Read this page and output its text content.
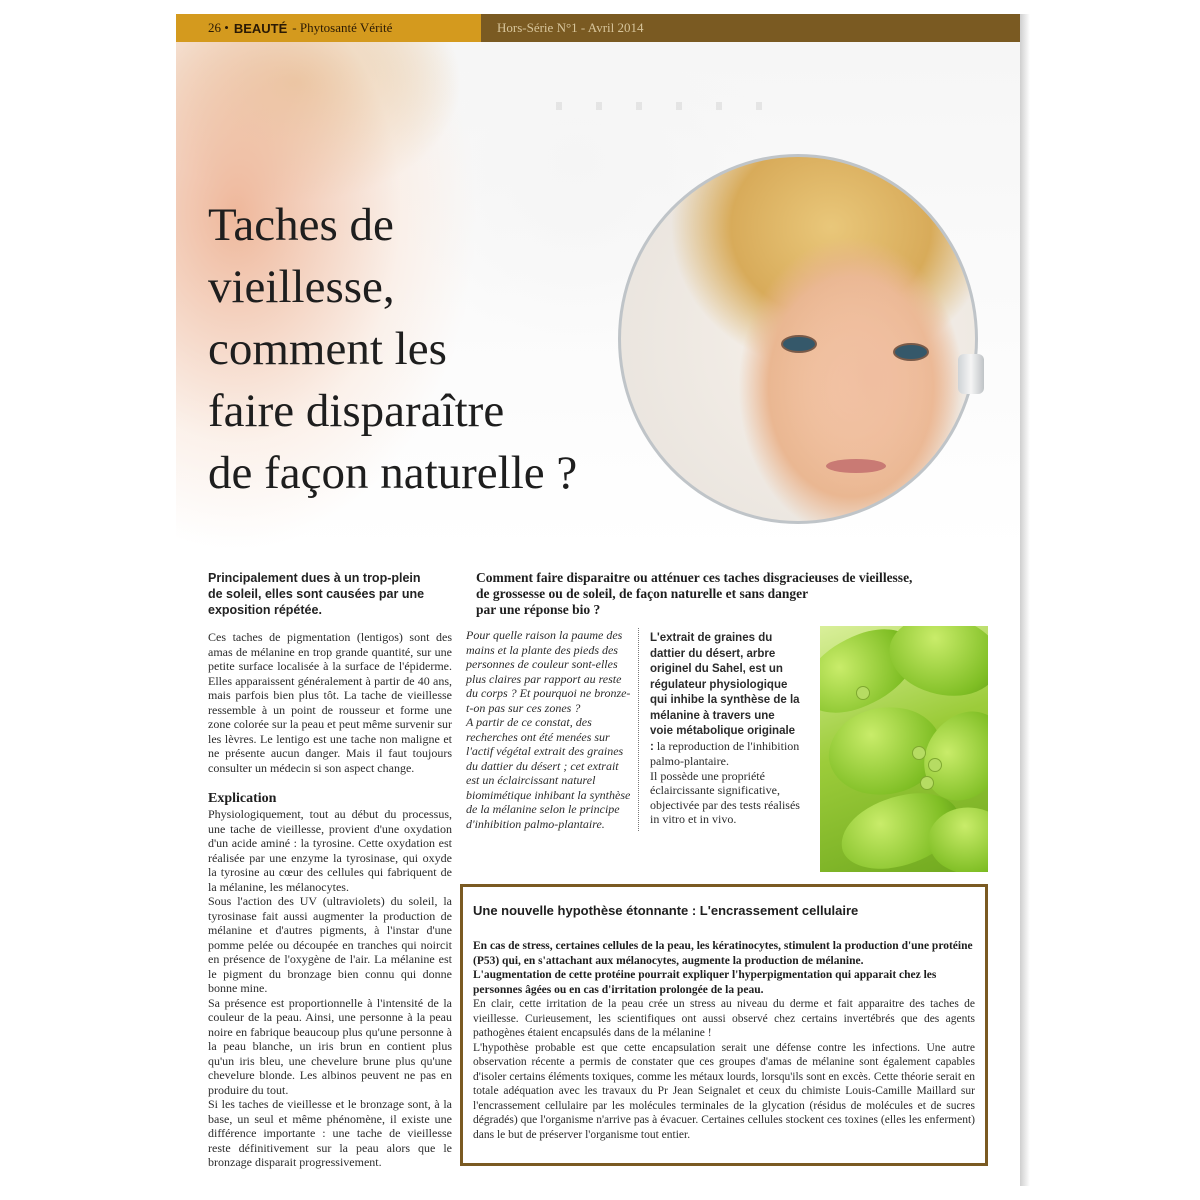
26
• BEAUTÉ - Phytosanté Vérité	Hors-Série N°1 - Avril 2014
Taches de
vieillesse,
comment les
faire disparaître
de façon naturelle ?

Principalement dues à un trop-plein de soleil, elles sont causées par une exposition répétée.

Ces taches de pigmentation (lentigos) sont des amas de mélanine en trop grande quantité, sur une petite surface localisée à la surface de l'épiderme. Elles apparaissent généralement à partir de 40 ans, mais parfois bien plus tôt. La tache de vieillesse ressemble à un point de rousseur et forme une zone colorée sur la peau et peut même survenir sur les lèvres. Le lentigo est une tache non maligne et ne présente aucun danger. Mais il faut toujours consulter un médecin si son aspect change.

Explication

Physiologiquement, tout au début du processus, une tache de vieillesse, provient d'une oxydation d'un acide aminé : la tyrosine. Cette oxydation est réalisée par une enzyme la tyrosinase, qui oxyde la tyrosine au cœur des cellules qui fabriquent de la mélanine, les mélanocytes.

Sous l'action des UV (ultraviolets) du soleil, la tyrosinase fait aussi augmenter la production de mélanine et d'autres pigments, à l'instar d'une pomme pelée ou découpée en tranches qui noircit en présence de l'oxygène de l'air. La mélanine est le pigment du bronzage bien connu qui donne bonne mine.

Sa présence est proportionnelle à l'intensité de la couleur de la peau. Ainsi, une personne à la peau noire en fabrique beaucoup plus qu'une personne à la peau blanche, un iris brun en contient plus qu'un iris bleu, une chevelure brune plus qu'une chevelure blonde. Les albinos peuvent ne pas en produire du tout.

Si les taches de vieillesse et le bronzage sont, à la base, un seul et même phénomène, il existe une différence importante : une tache de vieillesse reste définitivement sur la peau alors que le bronzage disparait progressivement.

Comment faire disparaitre ou atténuer ces taches disgracieuses de vieillesse,
de grossesse ou de soleil, de façon naturelle et sans danger
par une réponse bio ?

Pour quelle raison la paume des mains et la plante des pieds des personnes de couleur sont-elles plus claires par rapport au reste du corps ? Et pourquoi ne bronze-t-on pas sur ces zones ?

A partir de ce constat, des recherches ont été menées sur l'actif végétal extrait des graines du dattier du désert ; cet extrait est un éclaircissant naturel biomimétique inhibant la synthèse de la mélanine selon le principe d'inhibition palmo-plantaire.

L'extrait de graines du dattier du désert, arbre originel du Sahel, est un régulateur physiologique qui inhibe la synthèse de la mélanine à travers une voie métabolique originale : la reproduction de l'inhibition palmo-plantaire.

Il possède une propriété éclaircissante significative, objectivée par des tests réalisés in vitro et in vivo.

Une nouvelle hypothèse étonnante : L'encrassement cellulaire

En cas de stress, certaines cellules de la peau, les kératinocytes, stimulent la production d'une protéine (P53) qui, en s'attachant aux mélanocytes, augmente la production de mélanine.

L'augmentation de cette protéine pourrait expliquer l'hyperpigmentation qui apparait chez les personnes âgées ou en cas d'irritation prolongée de la peau.

En clair, cette irritation de la peau crée un stress au niveau du derme et fait apparaitre des taches de vieillesse. Curieusement, les scientifiques ont aussi observé chez certains invertébrés que des agents pathogènes étaient encapsulés dans de la mélanine !

L'hypothèse probable est que cette encapsulation serait une défense contre les infections. Une autre observation récente a permis de constater que ces groupes d'amas de mélanine sont également capables d'isoler certains éléments toxiques, comme les métaux lourds, lorsqu'ils sont en excès. Cette théorie serait en totale adéquation avec les travaux du Pr Jean Seignalet et ceux du chimiste Louis-Camille Maillard sur l'encrassement cellulaire par les molécules terminales de la glycation (résidus de molécules et de sucres dégradés) que l'organisme n'arrive pas à évacuer. Certaines cellules stockent ces toxines (elles les enferment) dans le but de préserver l'organisme tout entier.
